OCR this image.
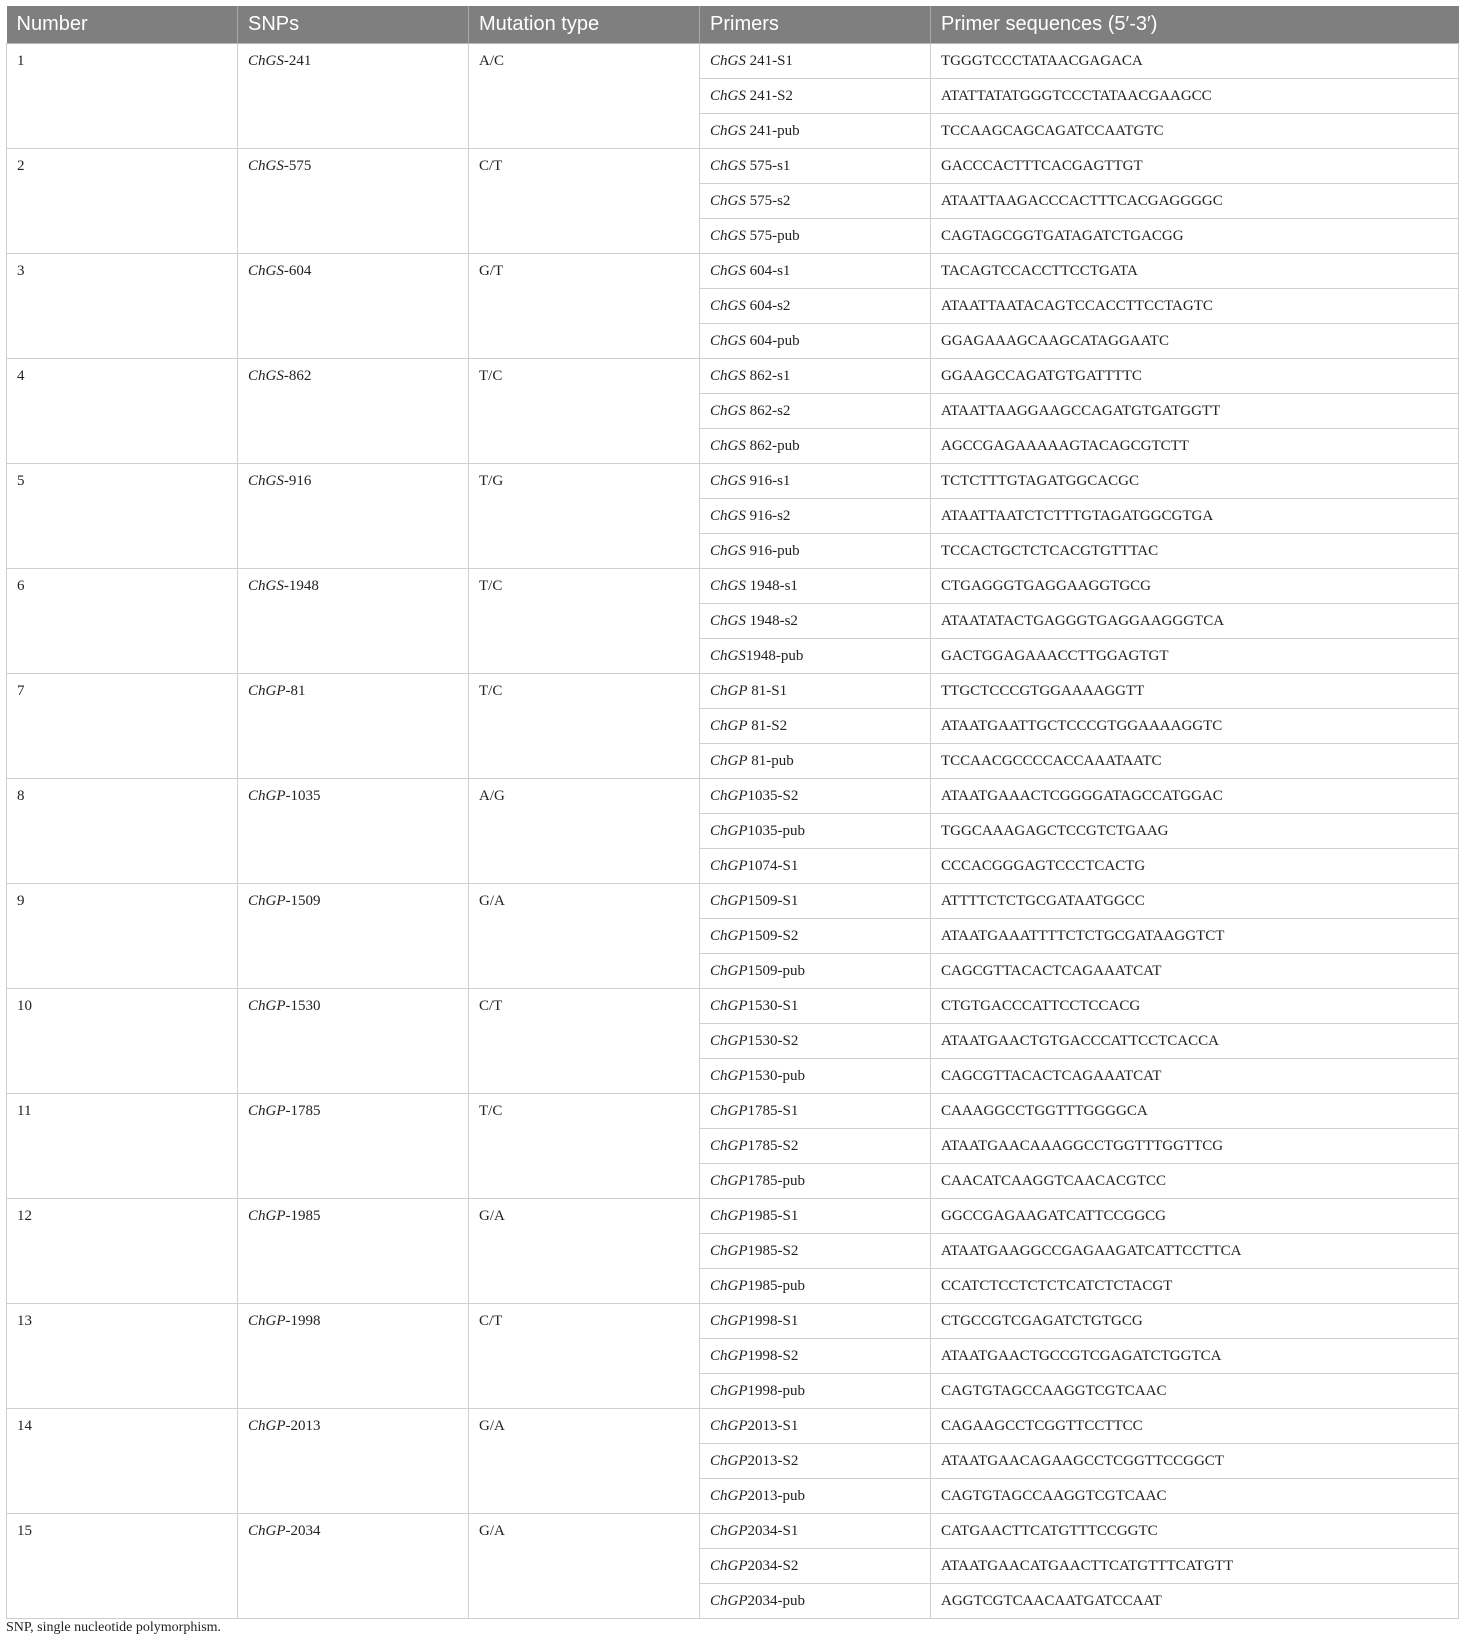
Number	SNPs	Mutation type	Primers	Primer sequences (5′-3′)
1	ChGS-241	A/C	ChGS 241-S1	TGGGTCCCTATAACGAGACA
			ChGS 241-S2	ATATTATATGGGTCCCTATAACGAAGCC
			ChGS 241-pub	TCCAAGCAGCAGATCCAATGTC
2	ChGS-575	C/T	ChGS 575-s1	GACCCACTTTCACGAGTTGT
			ChGS 575-s2	ATAATTAAGACCCACTTTCACGAGGGGC
			ChGS 575-pub	CAGTAGCGGTGATAGATCTGACGG
3	ChGS-604	G/T	ChGS 604-s1	TACAGTCCACCTTCCTGATA
			ChGS 604-s2	ATAATTAATACAGTCCACCTTCCTAGTC
			ChGS 604-pub	GGAGAAAGCAAGCATAGGAATC
4	ChGS-862	T/C	ChGS 862-s1	GGAAGCCAGATGTGATTTTC
			ChGS 862-s2	ATAATTAAGGAAGCCAGATGTGATGGTT
			ChGS 862-pub	AGCCGAGAAAAAGTACAGCGTCTT
5	ChGS-916	T/G	ChGS 916-s1	TCTCTTTGTAGATGGCACGC
			ChGS 916-s2	ATAATTAATCTCTTTGTAGATGGCGTGA
			ChGS 916-pub	TCCACTGCTCTCACGTGTTTAC
6	ChGS-1948	T/C	ChGS 1948-s1	CTGAGGGTGAGGAAGGTGCG
			ChGS 1948-s2	ATAATATACTGAGGGTGAGGAAGGGTCA
			ChGS1948-pub	GACTGGAGAAACCTTGGAGTGT
7	ChGP-81	T/C	ChGP 81-S1	TTGCTCCCGTGGAAAAGGTT
			ChGP 81-S2	ATAATGAATTGCTCCCGTGGAAAAGGTC
			ChGP 81-pub	TCCAACGCCCCACCAAATAATC
8	ChGP-1035	A/G	ChGP1035-S2	ATAATGAAACTCGGGGATAGCCATGGAC
			ChGP1035-pub	TGGCAAAGAGCTCCGTCTGAAG
			ChGP1074-S1	CCCACGGGAGTCCCTCACTG
9	ChGP-1509	G/A	ChGP1509-S1	ATTTTCTCTGCGATAATGGCC
			ChGP1509-S2	ATAATGAAATTTTCTCTGCGATAAGGTCT
			ChGP1509-pub	CAGCGTTACACTCAGAAATCAT
10	ChGP-1530	C/T	ChGP1530-S1	CTGTGACCCATTCCTCCACG
			ChGP1530-S2	ATAATGAACTGTGACCCATTCCTCACCA
			ChGP1530-pub	CAGCGTTACACTCAGAAATCAT
11	ChGP-1785	T/C	ChGP1785-S1	CAAAGGCCTGGTTTGGGGCA
			ChGP1785-S2	ATAATGAACAAAGGCCTGGTTTGGTTCG
			ChGP1785-pub	CAACATCAAGGTCAACACGTCC
12	ChGP-1985	G/A	ChGP1985-S1	GGCCGAGAAGATCATTCCGGCG
			ChGP1985-S2	ATAATGAAGGCCGAGAAGATCATTCCTTCA
			ChGP1985-pub	CCATCTCCTCTCTCATCTCTACGT
13	ChGP-1998	C/T	ChGP1998-S1	CTGCCGTCGAGATCTGTGCG
			ChGP1998-S2	ATAATGAACTGCCGTCGAGATCTGGTCA
			ChGP1998-pub	CAGTGTAGCCAAGGTCGTCAAC
14	ChGP-2013	G/A	ChGP2013-S1	CAGAAGCCTCGGTTCCTTCC
			ChGP2013-S2	ATAATGAACAGAAGCCTCGGTTCCGGCT
			ChGP2013-pub	CAGTGTAGCCAAGGTCGTCAAC
15	ChGP-2034	G/A	ChGP2034-S1	CATGAACTTCATGTTTCCGGTC
			ChGP2034-S2	ATAATGAACATGAACTTCATGTTTCATGTT
			ChGP2034-pub	AGGTCGTCAACAATGATCCAAT
SNP, single nucleotide polymorphism.
